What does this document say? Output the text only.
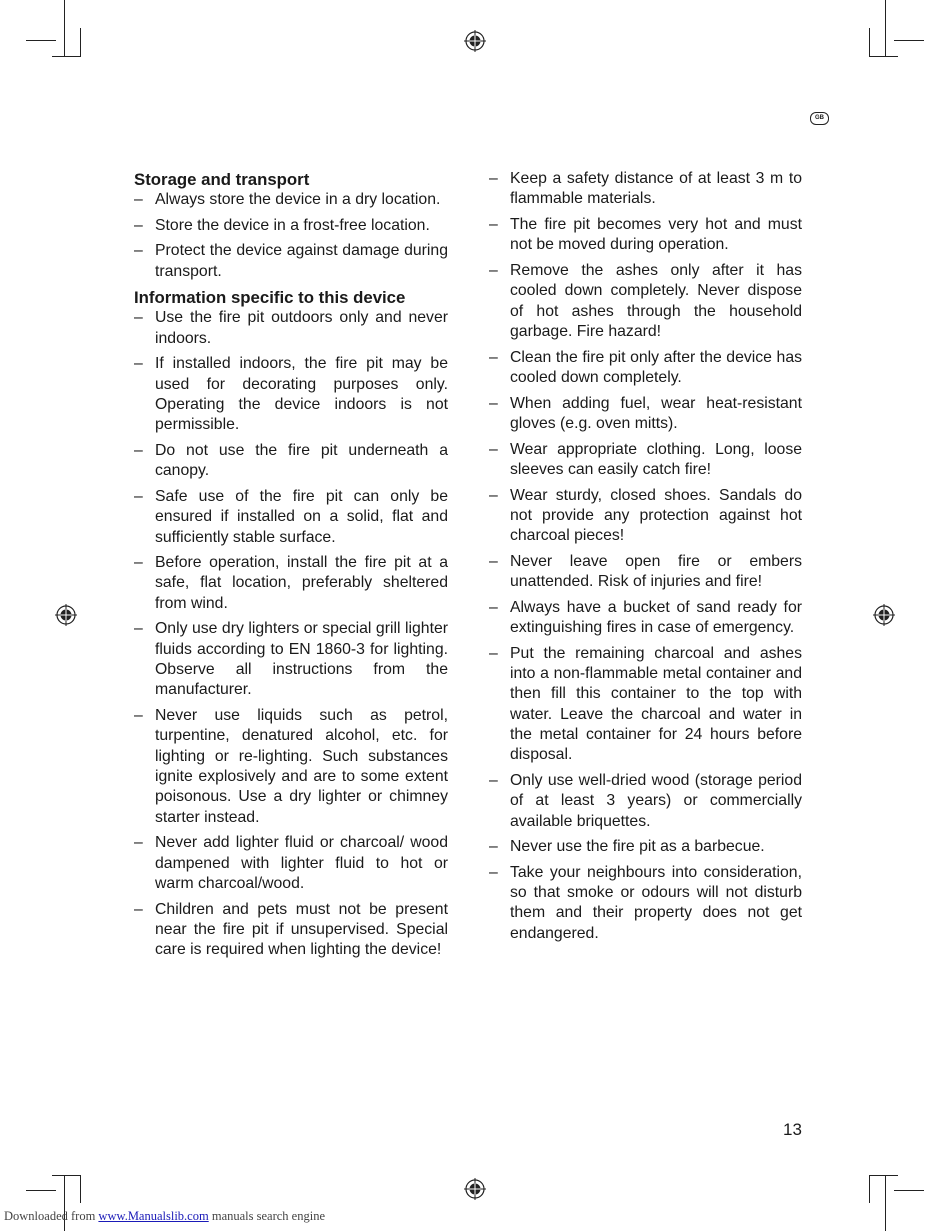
GB
Storage and transport
– Always store the device in a dry location.
– Store the device in a frost-free location.
– Protect the device against damage during transport.
Information specific to this device
– Use the fire pit outdoors only and never indoors.
– If installed indoors, the fire pit may be used for decorating purposes only. Operating the device indoors is not permissible.
– Do not use the fire pit underneath a canopy.
– Safe use of the fire pit can only be ensured if installed on a solid, flat and sufficiently stable surface.
– Before operation, install the fire pit at a safe, flat location, preferably sheltered from wind.
– Only use dry lighters or special grill lighter fluids according to EN 1860-3 for lighting. Observe all instructions from the manufacturer.
– Never use liquids such as petrol, turpentine, denatured alcohol, etc. for lighting or re-lighting. Such substances ignite explosively and are to some extent poisonous. Use a dry lighter or chimney starter instead.
– Never add lighter fluid or charcoal/ wood dampened with lighter fluid to hot or warm charcoal/wood.
– Children and pets must not be present near the fire pit if unsupervised. Special care is required when lighting the device!
– Keep a safety distance of at least 3 m to flammable materials.
– The fire pit becomes very hot and must not be moved during operation.
– Remove the ashes only after it has cooled down completely. Never dispose of hot ashes through the household garbage. Fire hazard!
– Clean the fire pit only after the device has cooled down completely.
– When adding fuel, wear heat-resistant gloves (e.g. oven mitts).
– Wear appropriate clothing. Long, loose sleeves can easily catch fire!
– Wear sturdy, closed shoes. Sandals do not provide any protection against hot charcoal pieces!
– Never leave open fire or embers unattended. Risk of injuries and fire!
– Always have a bucket of sand ready for extinguishing fires in case of emergency.
– Put the remaining charcoal and ashes into a non-flammable metal container and then fill this container to the top with water. Leave the charcoal and water in the metal container for 24 hours before disposal.
– Only use well-dried wood (storage period of at least 3 years) or commercially available briquettes.
– Never use the fire pit as a barbecue.
– Take your neighbours into consideration, so that smoke or odours will not disturb them and their property does not get endangered.
13
Downloaded from www.Manualslib.com manuals search engine
